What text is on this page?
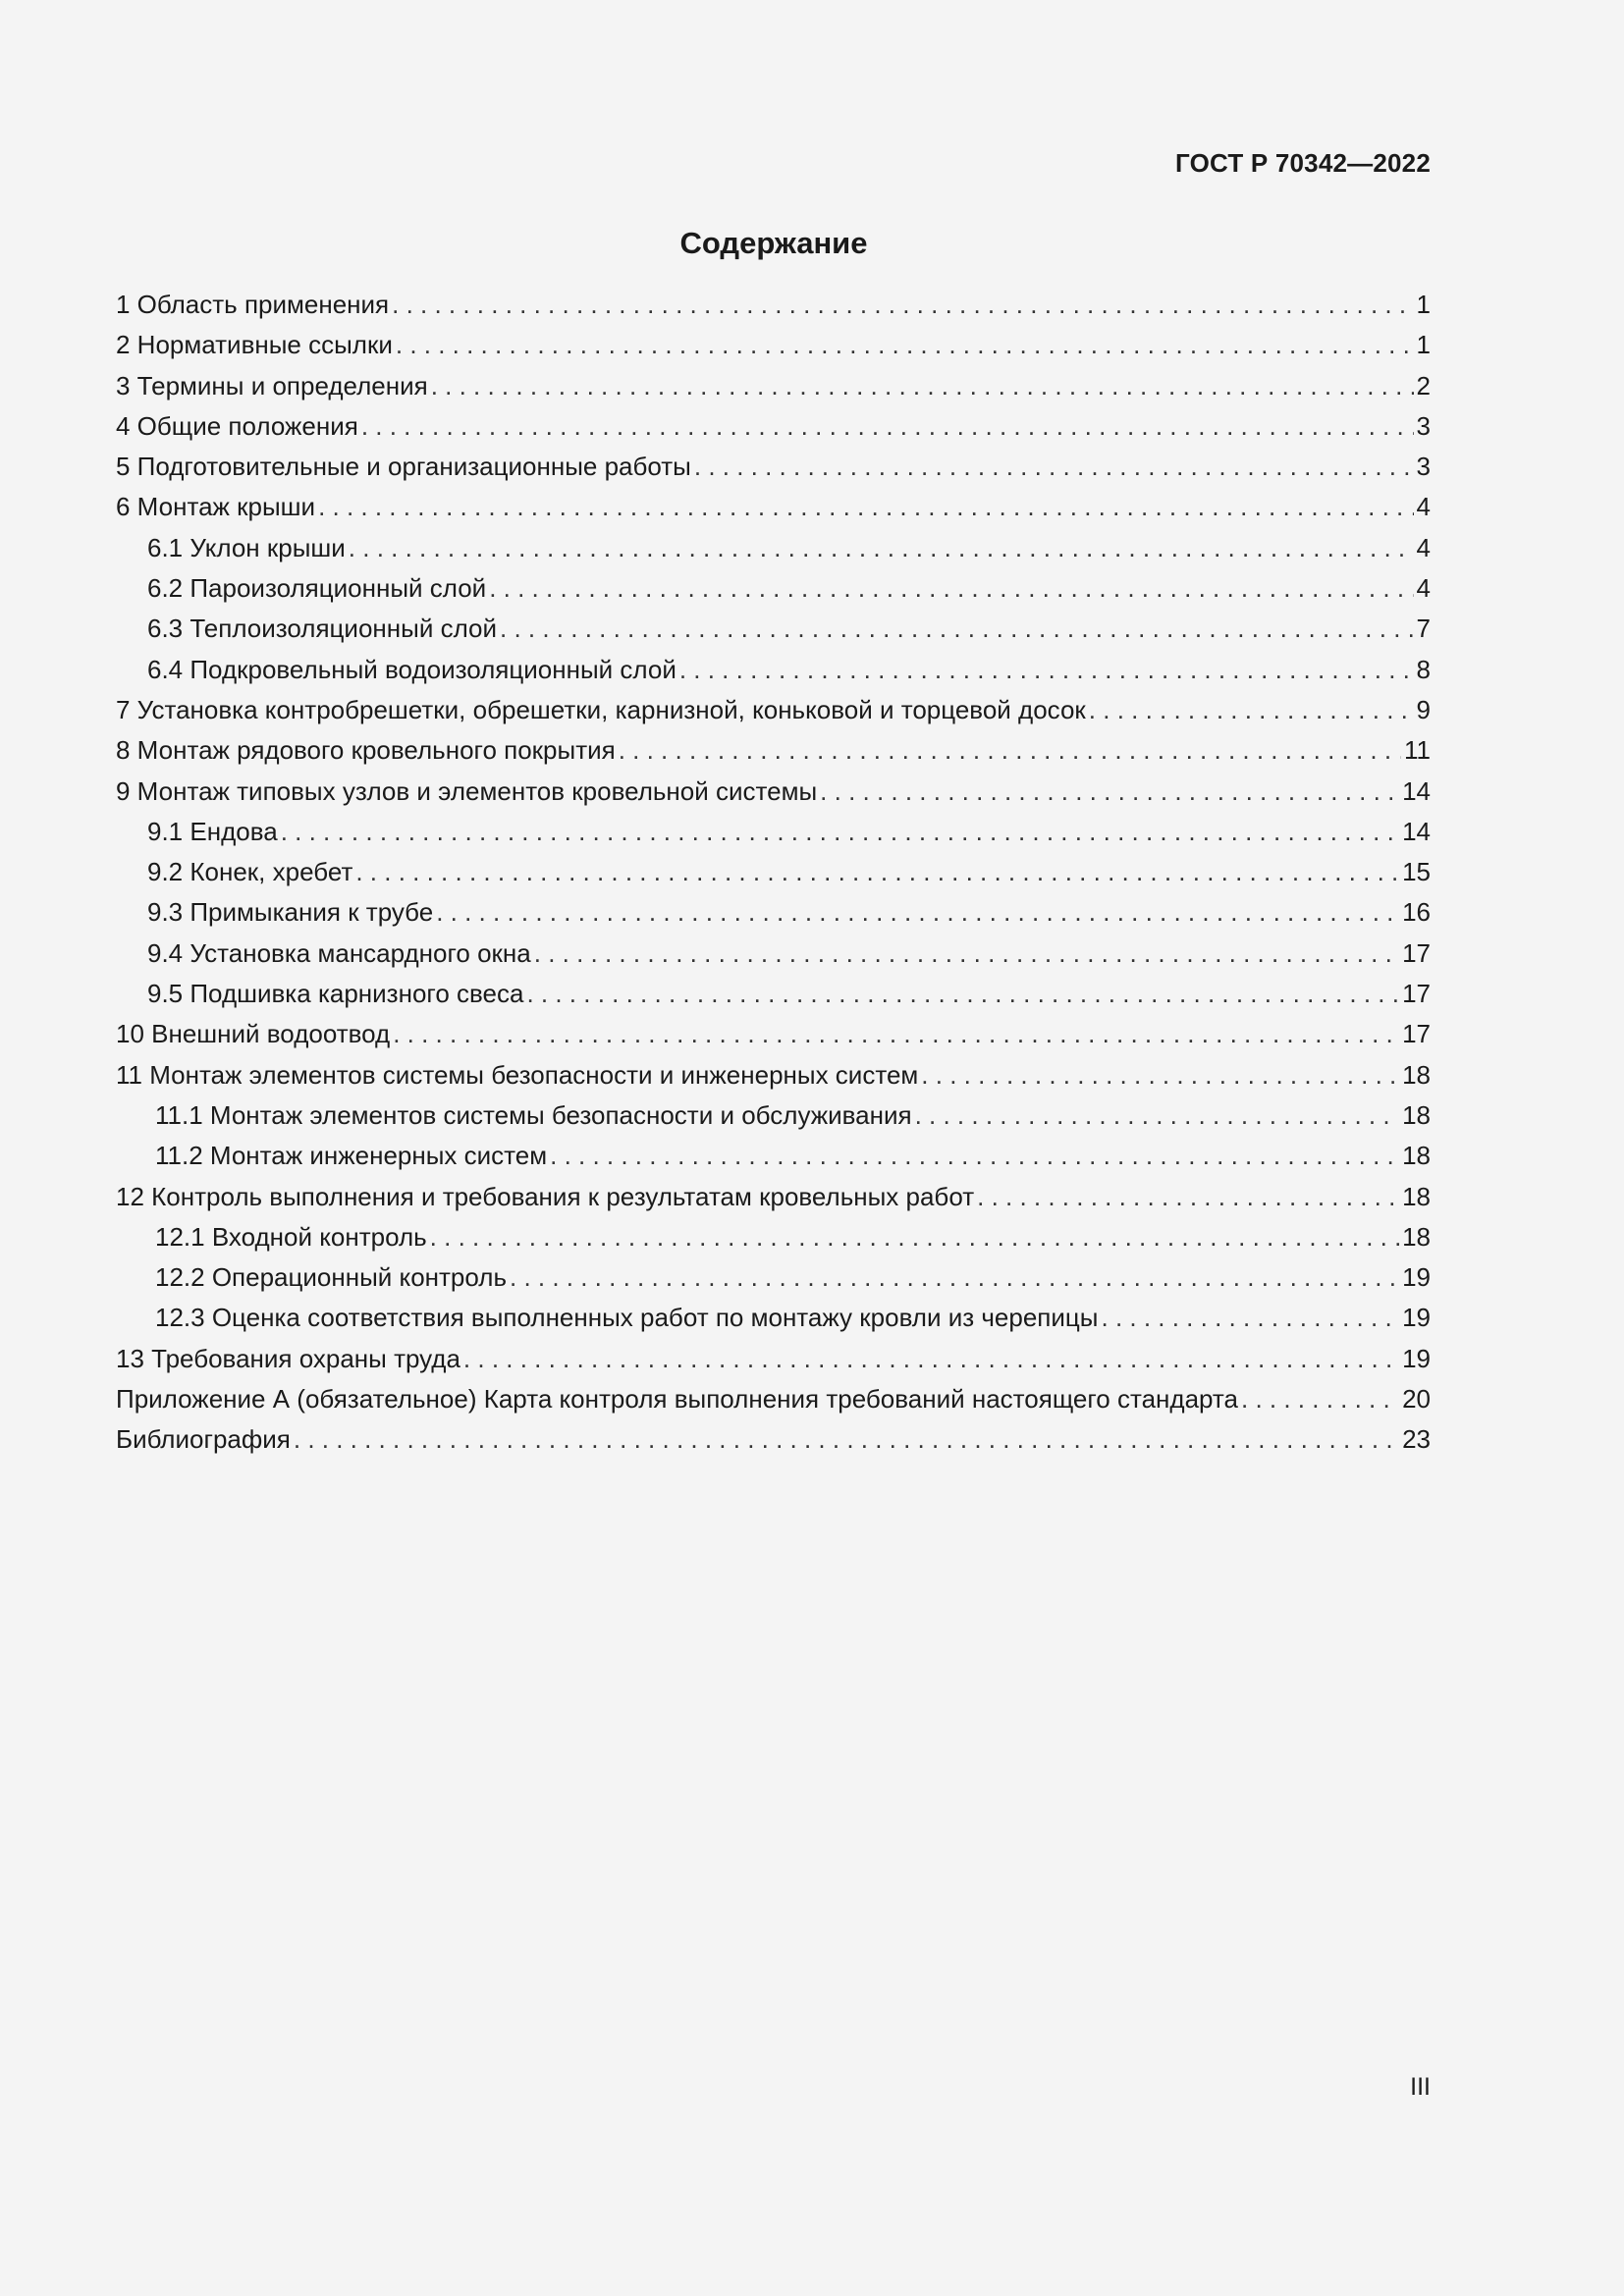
ГОСТ Р 70342—2022
Содержание
1 Область применения . . .	1
2 Нормативные ссылки . . .	1
3 Термины и определения . . .	2
4 Общие положения . . .	3
5 Подготовительные и организационные работы . . .	3
6 Монтаж крыши . . .	4
6.1 Уклон крыши . . .	4
6.2 Пароизоляционный слой . . .	4
6.3 Теплоизоляционный слой . . .	7
6.4 Подкровельный водоизоляционный слой . . .	8
7 Установка контробрешетки, обрешетки, карнизной, коньковой и торцевой досок . . .	9
8 Монтаж рядового кровельного покрытия . . .	11
9 Монтаж типовых узлов и элементов кровельной системы . . .	14
9.1 Ендова . . .	14
9.2 Конек, хребет . . .	15
9.3 Примыкания к трубе . . .	16
9.4 Установка мансардного окна . . .	17
9.5 Подшивка карнизного свеса . . .	17
10 Внешний водоотвод . . .	17
11 Монтаж элементов системы безопасности и инженерных систем . . .	18
11.1 Монтаж элементов системы безопасности и обслуживания . . .	18
11.2 Монтаж инженерных систем . . .	18
12 Контроль выполнения и требования к результатам кровельных работ . . .	18
12.1 Входной контроль . . .	18
12.2 Операционный контроль . . .	19
12.3 Оценка соответствия выполненных работ по монтажу кровли из черепицы . . .	19
13 Требования охраны труда . . .	19
Приложение А (обязательное) Карта контроля выполнения требований настоящего стандарта . . .	20
Библиография . . .	23
III
